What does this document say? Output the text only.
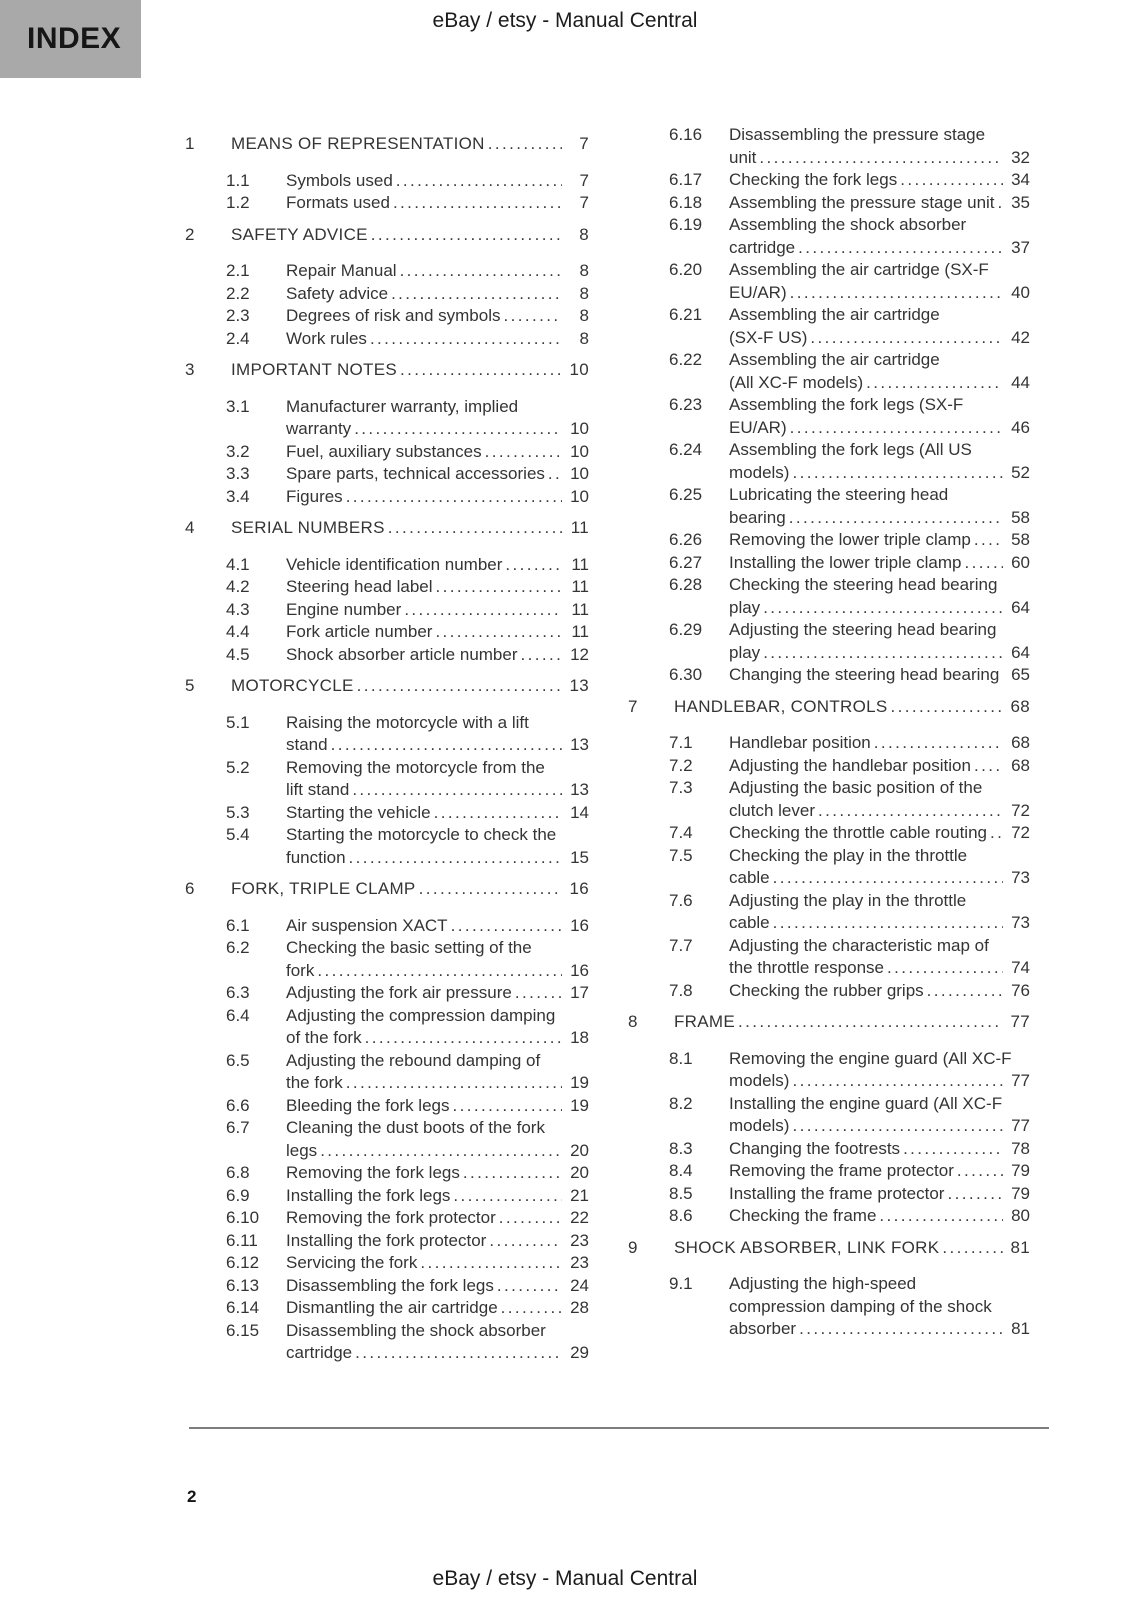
INDEX
eBay / etsy - Manual Central
1	MEANS OF REPRESENTATION .....	7
1.1	Symbols used .....	7
1.2	Formats used .....	7
2	SAFETY ADVICE .....	8
2.1	Repair Manual .....	8
2.2	Safety advice .....	8
2.3	Degrees of risk and symbols .....	8
2.4	Work rules .....	8
3	IMPORTANT NOTES .....	10
3.1	Manufacturer warranty, implied
warranty .....	10
3.2	Fuel, auxiliary substances .....	10
3.3	Spare parts, technical accessories ..... 10
3.4	Figures .....	10
4	SERIAL NUMBERS .....	11
4.1	Vehicle identification number .....	11
4.2	Steering head label .....	11
4.3	Engine number .....	11
4.4	Fork article number .....	11
4.5	Shock absorber article number .....	12
5	MOTORCYCLE .....	13
5.1	Raising the motorcycle with a lift
stand .....	13
5.2	Removing the motorcycle from the
lift stand .....	13
5.3	Starting the vehicle .....	14
5.4	Starting the motorcycle to check the
function .....	15
6	FORK, TRIPLE CLAMP .....	16
6.1	Air suspension XACT .....	16
6.2	Checking the basic setting of the
fork .....	16
6.3	Adjusting the fork air pressure .....	17
6.4	Adjusting the compression damping
of the fork .....	18
6.5	Adjusting the rebound damping of
the fork .....	19
6.6	Bleeding the fork legs .....	19
6.7	Cleaning the dust boots of the fork
legs .....	20
6.8	Removing the fork legs .....	20
6.9	Installing the fork legs .....	21
6.10	Removing the fork protector .....	22
6.11	Installing the fork protector .....	23
6.12	Servicing the fork .....	23
6.13	Disassembling the fork legs .....	24
6.14	Dismantling the air cartridge .....	28
6.15	Disassembling the shock absorber
cartridge .....	29
6.16	Disassembling the pressure stage
unit .....	32
6.17	Checking the fork legs .....	34
6.18	Assembling the pressure stage unit ..... 35
6.19	Assembling the shock absorber
cartridge .....	37
6.20	Assembling the air cartridge (SX-F
EU/AR) .....	40
6.21	Assembling the air cartridge
(SX-F US) .....	42
6.22	Assembling the air cartridge
(All XC-F models) .....	44
6.23	Assembling the fork legs (SX-F
EU/AR) .....	46
6.24	Assembling the fork legs (All US
models) .....	52
6.25	Lubricating the steering head
bearing .....	58
6.26	Removing the lower triple clamp ..... 58
6.27	Installing the lower triple clamp .....	60
6.28	Checking the steering head bearing
play .....	64
6.29	Adjusting the steering head bearing
play .....	64
6.30	Changing the steering head bearing ..... 65
7	HANDLEBAR, CONTROLS .....	68
7.1	Handlebar position .....	68
7.2	Adjusting the handlebar position ..... 68
7.3	Adjusting the basic position of the
clutch lever .....	72
7.4	Checking the throttle cable routing ..... 72
7.5	Checking the play in the throttle
cable .....	73
7.6	Adjusting the play in the throttle
cable .....	73
7.7	Adjusting the characteristic map of
the throttle response .....	74
7.8	Checking the rubber grips .....	76
8	FRAME .....	77
8.1	Removing the engine guard (All XC-F
models) .....	77
8.2	Installing the engine guard (All XC-F
models) .....	77
8.3	Changing the footrests .....	78
8.4	Removing the frame protector .....	79
8.5	Installing the frame protector .....	79
8.6	Checking the frame .....	80
9	SHOCK ABSORBER, LINK FORK .....	81
9.1	Adjusting the high-speed
compression damping of the shock
absorber .....	81
2
eBay / etsy - Manual Central
